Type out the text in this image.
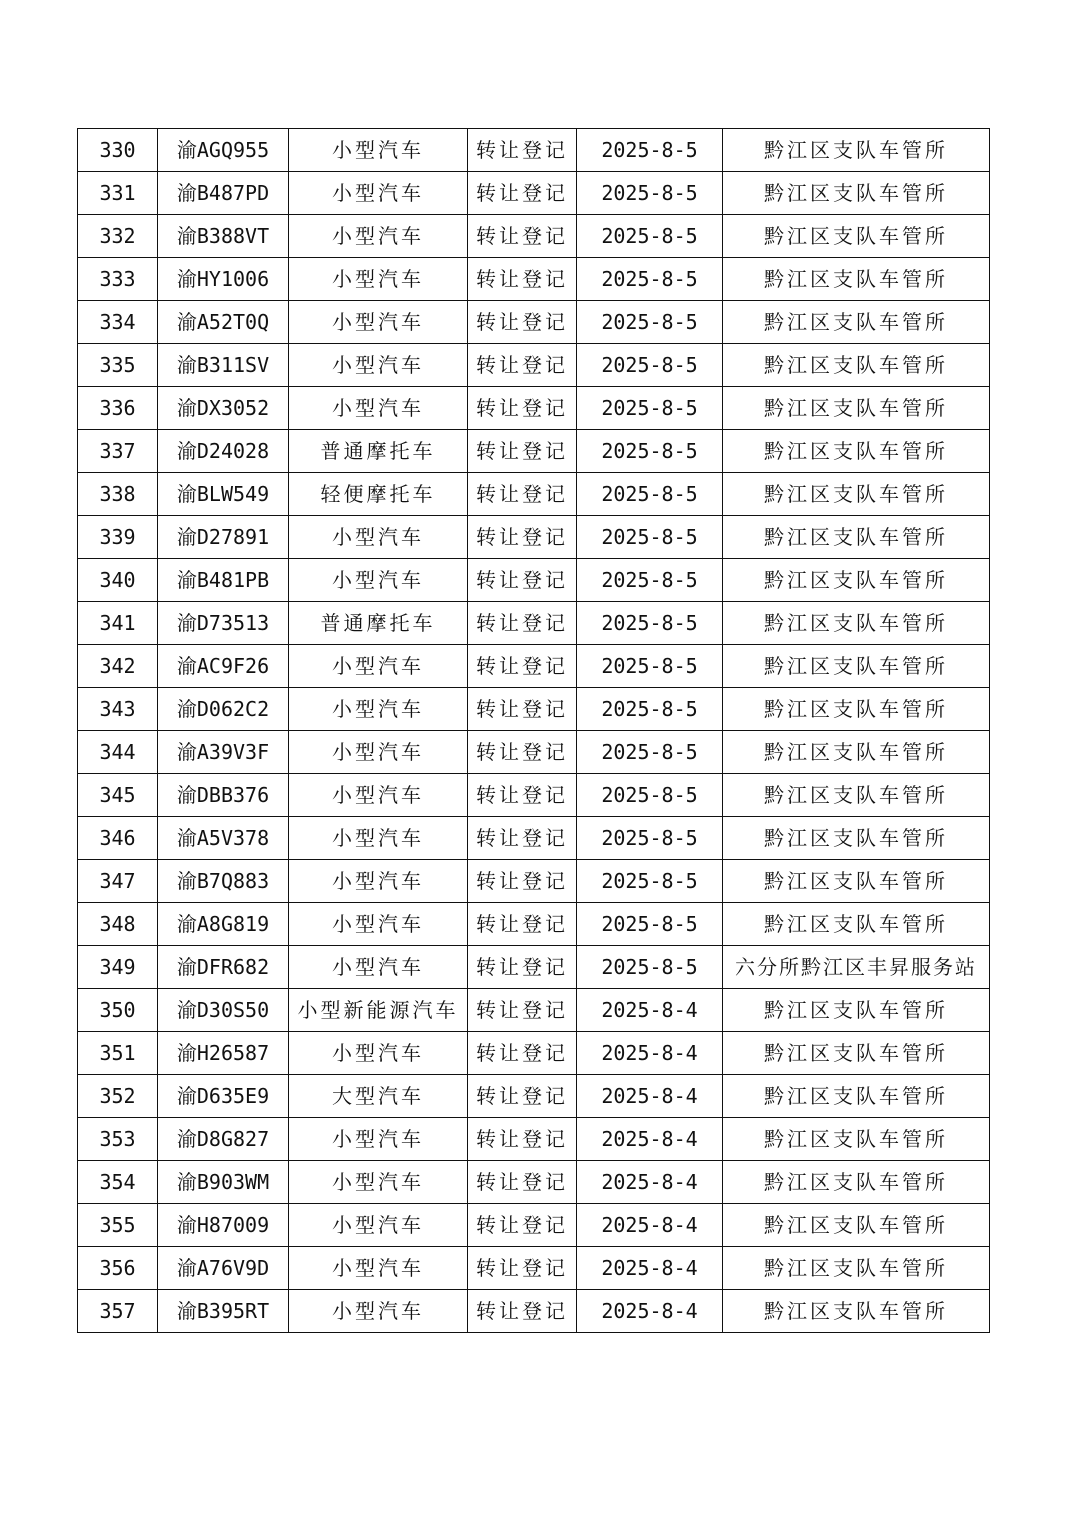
330	渝AGQ955	小型汽车	转让登记	2025-8-5	黔江区支队车管所
331	渝B487PD	小型汽车	转让登记	2025-8-5	黔江区支队车管所
332	渝B388VT	小型汽车	转让登记	2025-8-5	黔江区支队车管所
333	渝HY1006	小型汽车	转让登记	2025-8-5	黔江区支队车管所
334	渝A52T0Q	小型汽车	转让登记	2025-8-5	黔江区支队车管所
335	渝B311SV	小型汽车	转让登记	2025-8-5	黔江区支队车管所
336	渝DX3052	小型汽车	转让登记	2025-8-5	黔江区支队车管所
337	渝D24028	普通摩托车	转让登记	2025-8-5	黔江区支队车管所
338	渝BLW549	轻便摩托车	转让登记	2025-8-5	黔江区支队车管所
339	渝D27891	小型汽车	转让登记	2025-8-5	黔江区支队车管所
340	渝B481PB	小型汽车	转让登记	2025-8-5	黔江区支队车管所
341	渝D73513	普通摩托车	转让登记	2025-8-5	黔江区支队车管所
342	渝AC9F26	小型汽车	转让登记	2025-8-5	黔江区支队车管所
343	渝D062C2	小型汽车	转让登记	2025-8-5	黔江区支队车管所
344	渝A39V3F	小型汽车	转让登记	2025-8-5	黔江区支队车管所
345	渝DBB376	小型汽车	转让登记	2025-8-5	黔江区支队车管所
346	渝A5V378	小型汽车	转让登记	2025-8-5	黔江区支队车管所
347	渝B7Q883	小型汽车	转让登记	2025-8-5	黔江区支队车管所
348	渝A8G819	小型汽车	转让登记	2025-8-5	黔江区支队车管所
349	渝DFR682	小型汽车	转让登记	2025-8-5	六分所黔江区丰昇服务站
350	渝D30S50	小型新能源汽车	转让登记	2025-8-4	黔江区支队车管所
351	渝H26587	小型汽车	转让登记	2025-8-4	黔江区支队车管所
352	渝D635E9	大型汽车	转让登记	2025-8-4	黔江区支队车管所
353	渝D8G827	小型汽车	转让登记	2025-8-4	黔江区支队车管所
354	渝B903WM	小型汽车	转让登记	2025-8-4	黔江区支队车管所
355	渝H87009	小型汽车	转让登记	2025-8-4	黔江区支队车管所
356	渝A76V9D	小型汽车	转让登记	2025-8-4	黔江区支队车管所
357	渝B395RT	小型汽车	转让登记	2025-8-4	黔江区支队车管所
